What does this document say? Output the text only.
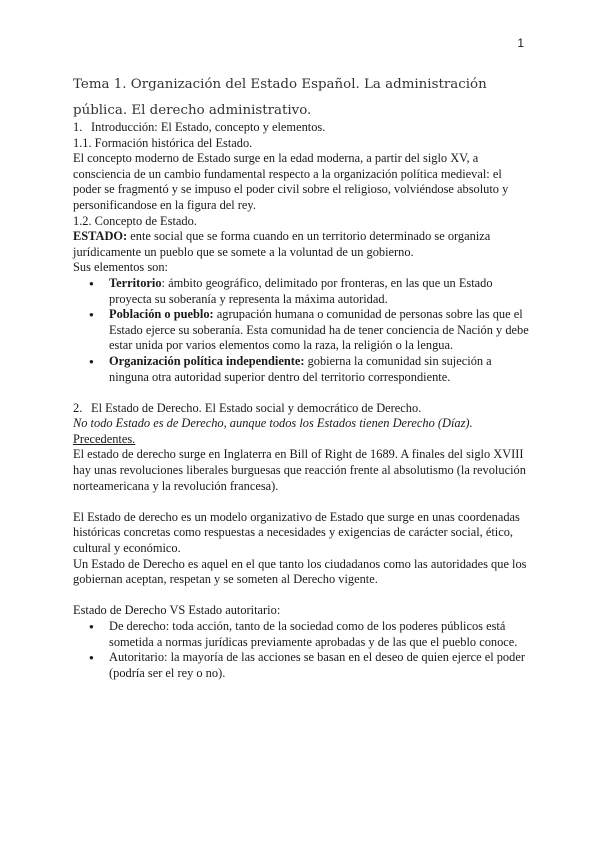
1
Tema 1. Organización del Estado Español. La administración pública. El derecho administrativo.

1. Introducción: El Estado, concepto y elementos.

1.1. Formación histórica del Estado.

El concepto moderno de Estado surge en la edad moderna, a partir del siglo XV, a consciencia de un cambio fundamental respecto a la organización política medieval: el poder se fragmentó y se impuso el poder civil sobre el religioso, volviéndose absoluto y personificandose en la figura del rey.

1.2. Concepto de Estado.

ESTADO: ente social que se forma cuando en un territorio determinado se organiza jurídicamente un pueblo que se somete a la voluntad de un gobierno.

Sus elementos son:

● Territorio: ámbito geográfico, delimitado por fronteras, en las que un Estado proyecta su soberanía y representa la máxima autoridad.
● Población o pueblo: agrupación humana o comunidad de personas sobre las que el Estado ejerce su soberanía. Esta comunidad ha de tener conciencia de Nación y debe estar unida por varios elementos como la raza, la religión o la lengua.
● Organización política independiente: gobierna la comunidad sin sujeción a ninguna otra autoridad superior dentro del territorio correspondiente.

2. El Estado de Derecho. El Estado social y democrático de Derecho.

No todo Estado es de Derecho, aunque todos los Estados tienen Derecho (Díaz).

Precedentes.

El estado de derecho surge en Inglaterra en Bill of Right de 1689. A finales del siglo XVIII hay unas revoluciones liberales burguesas que reacción frente al absolutismo (la revolución norteamericana y la revolución francesa).

El Estado de derecho es un modelo organizativo de Estado que surge en unas coordenadas históricas concretas como respuestas a necesidades y exigencias de carácter social, ético, cultural y económico.

Un Estado de Derecho es aquel en el que tanto los ciudadanos como las autoridades que los gobiernan aceptan, respetan y se someten al Derecho vigente.

Estado de Derecho VS Estado autoritario:

● De derecho: toda acción, tanto de la sociedad como de los poderes públicos está sometida a normas jurídicas previamente aprobadas y de las que el pueblo conoce.
● Autoritario: la mayoría de las acciones se basan en el deseo de quien ejerce el poder (podría ser el rey o no).
